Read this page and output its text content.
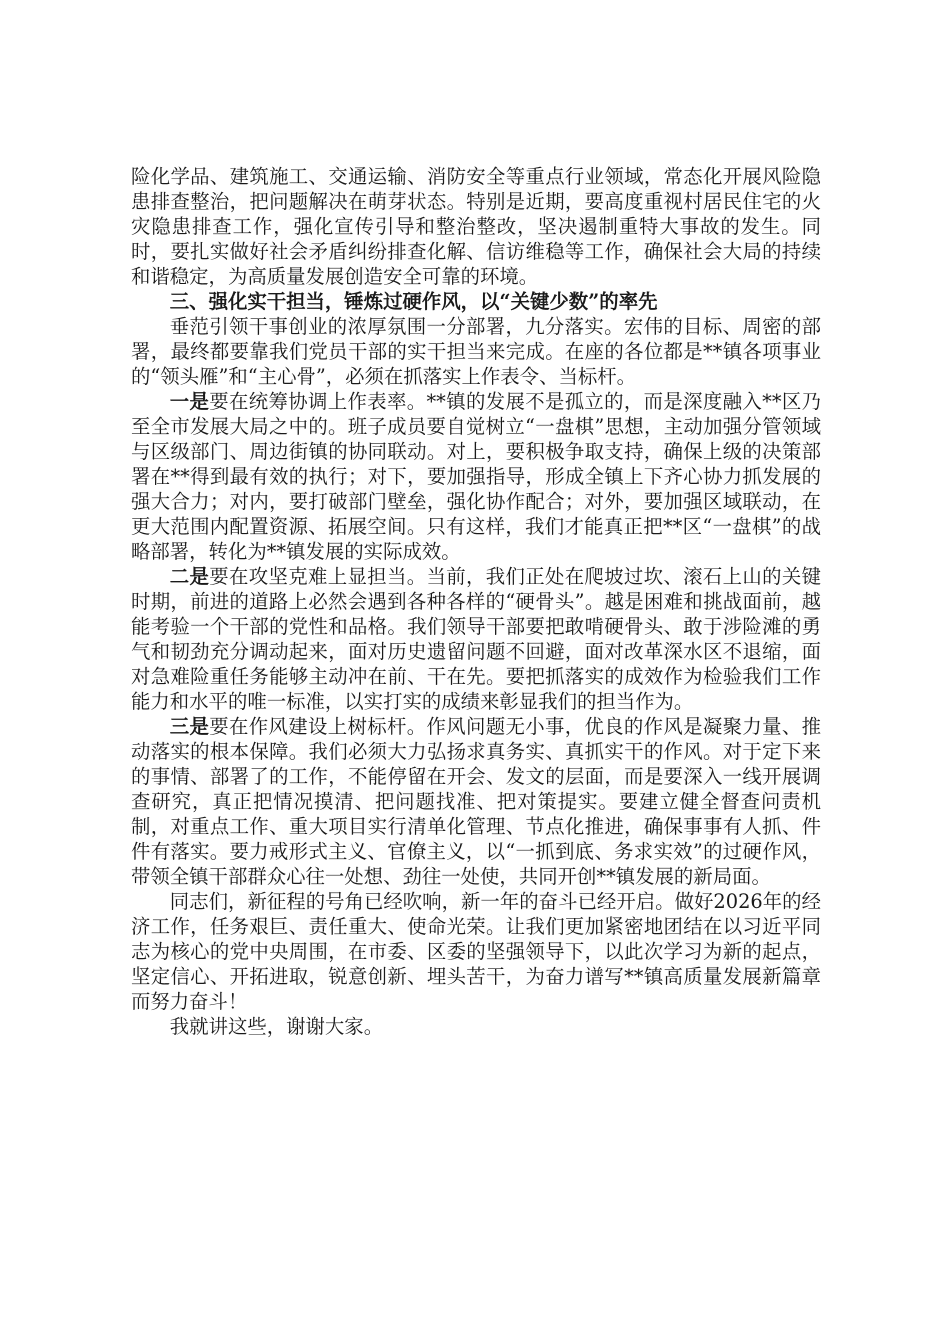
险化学品、建筑施工、交通运输、消防安全等重点行业领域，常态化开展风险隐患排查整治，把问题解决在萌芽状态。特别是近期，要高度重视村居民住宅的火灾隐患排查工作，强化宣传引导和整治整改，坚决遏制重特大事故的发生。同时，要扎实做好社会矛盾纠纷排查化解、信访维稳等工作，确保社会大局的持续和谐稳定，为高质量发展创造安全可靠的环境。

三、强化实干担当，锤炼过硬作风，以“关键少数”的率先

垂范引领干事创业的浓厚氛围一分部署，九分落实。宏伟的目标、周密的部署，最终都要靠我们党员干部的实干担当来完成。在座的各位都是**镇各项事业的“领头雁”和“主心骨”，必须在抓落实上作表令、当标杆。

一是要在统筹协调上作表率。**镇的发展不是孤立的，而是深度融入**区乃至全市发展大局之中的。班子成员要自觉树立“一盘棋”思想，主动加强分管领域与区级部门、周边街镇的协同联动。对上，要积极争取支持，确保上级的决策部署在**得到最有效的执行；对下，要加强指导，形成全镇上下齐心协力抓发展的强大合力；对内，要打破部门壁垒，强化协作配合；对外，要加强区域联动，在更大范围内配置资源、拓展空间。只有这样，我们才能真正把**区“一盘棋”的战略部署，转化为**镇发展的实际成效。

二是要在攻坚克难上显担当。当前，我们正处在爬坡过坎、滚石上山的关键时期，前进的道路上必然会遇到各种各样的“硬骨头”。越是困难和挑战面前，越能考验一个干部的党性和品格。我们领导干部要把敢啃硬骨头、敢于涉险滩的勇气和韧劲充分调动起来，面对历史遗留问题不回避，面对改革深水区不退缩，面对急难险重任务能够主动冲在前、干在先。要把抓落实的成效作为检验我们工作能力和水平的唯一标准，以实打实的成绩来彰显我们的担当作为。

三是要在作风建设上树标杆。作风问题无小事，优良的作风是凝聚力量、推动落实的根本保障。我们必须大力弘扬求真务实、真抓实干的作风。对于定下来的事情、部署了的工作，不能停留在开会、发文的层面，而是要深入一线开展调查研究，真正把情况摸清、把问题找准、把对策提实。要建立健全督查问责机制，对重点工作、重大项目实行清单化管理、节点化推进，确保事事有人抓、件件有落实。要力戒形式主义、官僚主义，以“一抓到底、务求实效”的过硬作风，带领全镇干部群众心往一处想、劲往一处使，共同开创**镇发展的新局面。

同志们，新征程的号角已经吹响，新一年的奋斗已经开启。做好2026年的经济工作，任务艰巨、责任重大、使命光荣。让我们更加紧密地团结在以习近平同志为核心的党中央周围，在市委、区委的坚强领导下，以此次学习为新的起点，坚定信心、开拓进取，锐意创新、埋头苦干，为奋力谱写**镇高质量发展新篇章而努力奋斗！

我就讲这些，谢谢大家。
